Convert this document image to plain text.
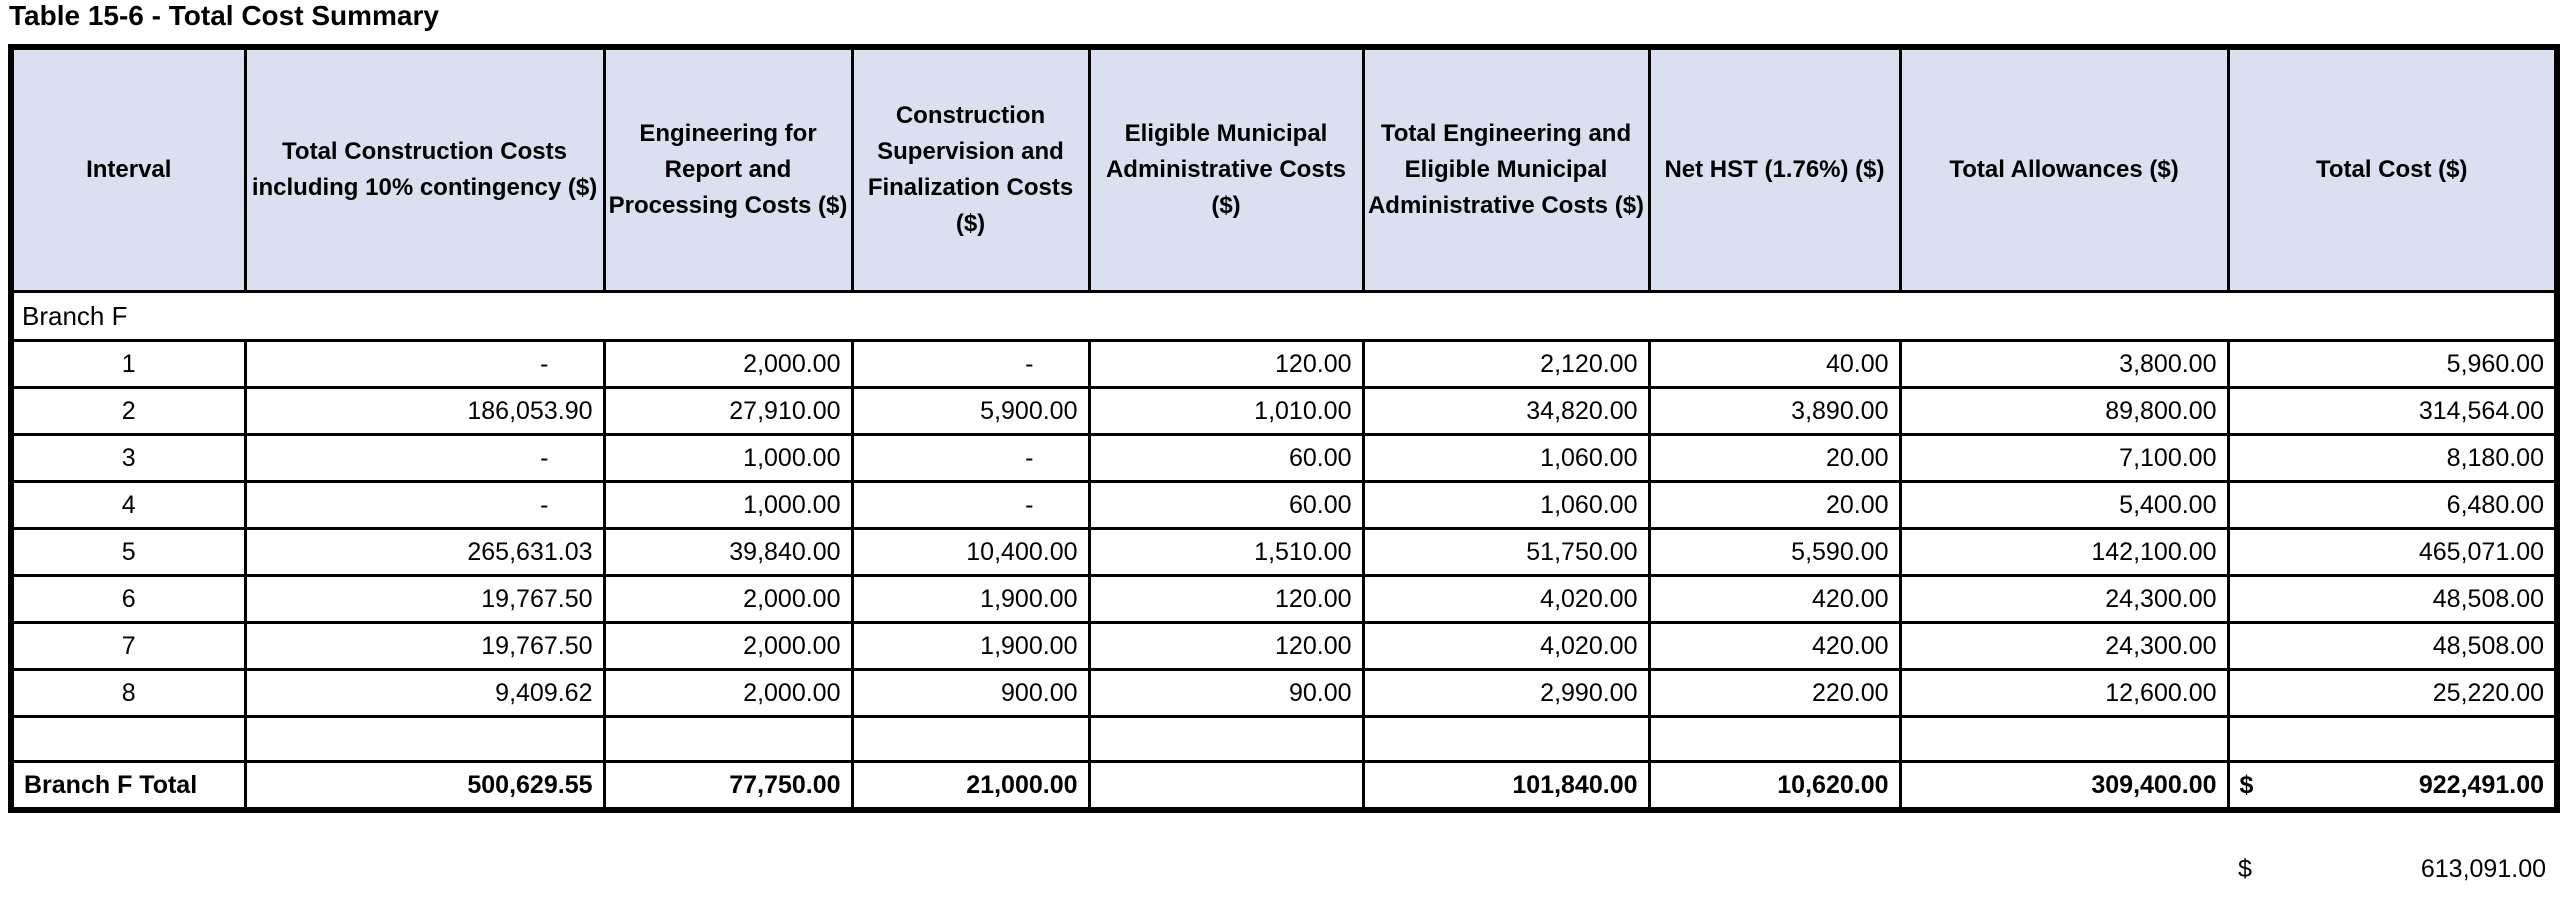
Table 15-6 - Total Cost Summary
Interval	Total Construction Costs including 10% contingency ($)	Engineering for Report and Processing Costs ($)	Construction Supervision and Finalization Costs ($)	Eligible Municipal Administrative Costs ($)	Total Engineering and Eligible Municipal Administrative Costs ($)	Net HST (1.76%) ($)	Total Allowances ($)	Total Cost ($)
Branch F								
1	-	2,000.00	-	120.00	2,120.00	40.00	3,800.00	5,960.00
2	186,053.90	27,910.00	5,900.00	1,010.00	34,820.00	3,890.00	89,800.00	314,564.00
3	-	1,000.00	-	60.00	1,060.00	20.00	7,100.00	8,180.00
4	-	1,000.00	-	60.00	1,060.00	20.00	5,400.00	6,480.00
5	265,631.03	39,840.00	10,400.00	1,510.00	51,750.00	5,590.00	142,100.00	465,071.00
6	19,767.50	2,000.00	1,900.00	120.00	4,020.00	420.00	24,300.00	48,508.00
7	19,767.50	2,000.00	1,900.00	120.00	4,020.00	420.00	24,300.00	48,508.00
8	9,409.62	2,000.00	900.00	90.00	2,990.00	220.00	12,600.00	25,220.00

Branch F Total	500,629.55	77,750.00	21,000.00		101,840.00	10,620.00	309,400.00	$ 922,491.00
$	613,091.00
